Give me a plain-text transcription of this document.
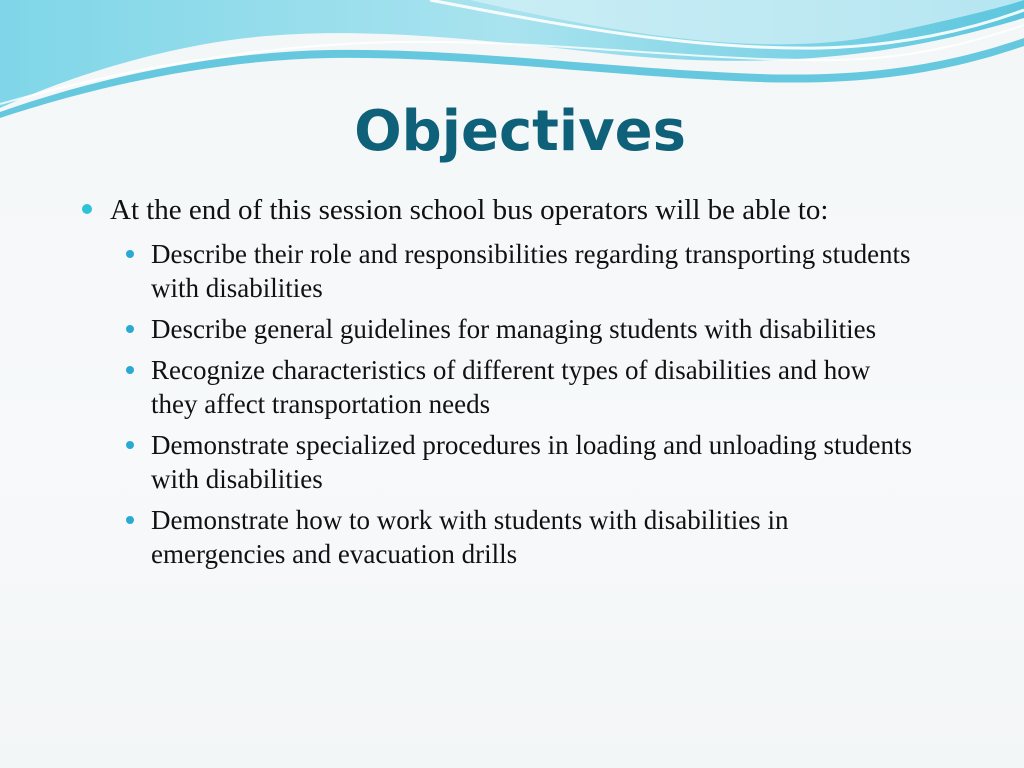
Objectives

At the end of this session school bus operators will be able to:

Describe their role and responsibilities regarding transporting students with disabilities
Describe general guidelines for managing students with disabilities
Recognize characteristics of different types of disabilities and how they affect transportation needs
Demonstrate specialized procedures in loading and unloading students with disabilities
Demonstrate how to work with students with disabilities in emergencies and evacuation drills
